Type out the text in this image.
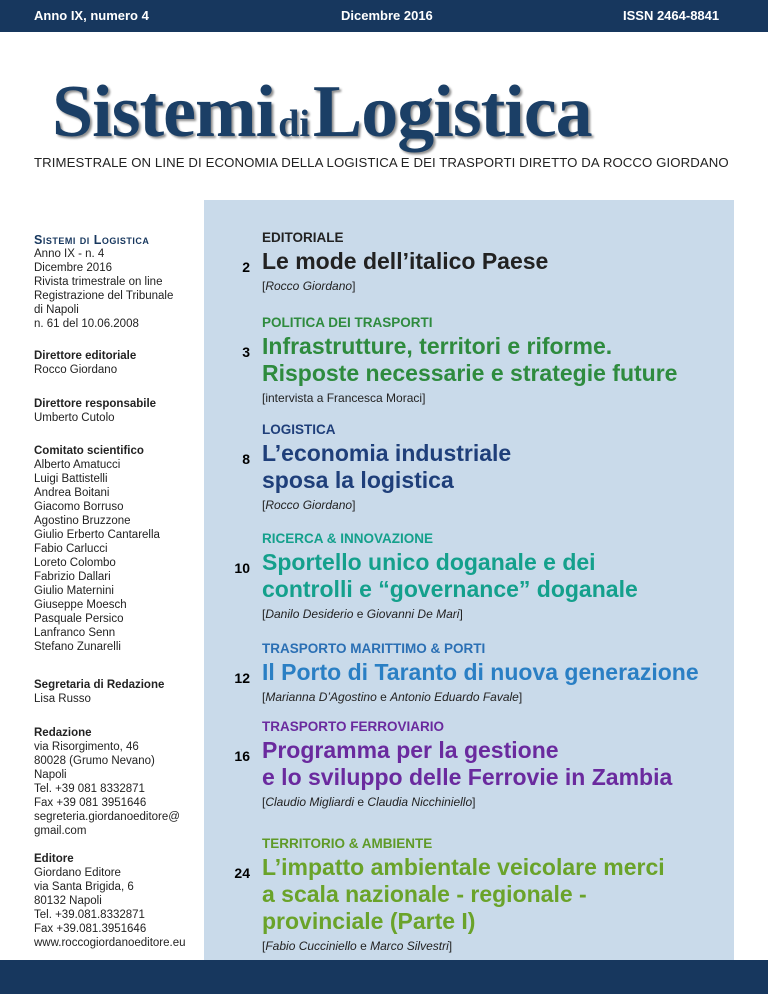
Anno IX, numero 4	Dicembre 2016	ISSN 2464-8841
Sistemi di Logistica
TRIMESTRALE ON LINE DI ECONOMIA DELLA LOGISTICA E DEI TRASPORTI DIRETTO DA ROCCO GIORDANO
Sistemi di Logistica
Anno IX - n. 4
Dicembre 2016
Rivista trimestrale on line
Registrazione del Tribunale
di Napoli
n. 61 del 10.06.2008
Direttore editoriale
Rocco Giordano
Direttore responsabile
Umberto Cutolo
Comitato scientifico
Alberto Amatucci
Luigi Battistelli
Andrea Boitani
Giacomo Borruso
Agostino Bruzzone
Giulio Erberto Cantarella
Fabio Carlucci
Loreto Colombo
Fabrizio Dallari
Giulio Maternini
Giuseppe Moesch
Pasquale Persico
Lanfranco Senn
Stefano Zunarelli
Segretaria di Redazione
Lisa Russo
Redazione
via Risorgimento, 46
80028 (Grumo Nevano)
Napoli
Tel. +39 081 8332871
Fax +39 081 3951646
segreteria.giordanoeditore@
gmail.com
Editore
Giordano Editore
via Santa Brigida, 6
80132 Napoli
Tel. +39.081.8332871
Fax +39.081.3951646
www.roccogiordanoeditore.eu
EDITORIALE
2 Le mode dell’italico Paese
[Rocco Giordano]
POLITICA DEI TRASPORTI
3 Infrastrutture, territori e riforme.
Risposte necessarie e strategie future
[intervista a Francesca Moraci]
LOGISTICA
8 L’economia industriale
sposa la logistica
[Rocco Giordano]
RICERCA & INNOVAZIONE
10 Sportello unico doganale e dei
controlli e “governance” doganale
[Danilo Desiderio e Giovanni De Mari]
TRASPORTO MARITTIMO & PORTI
12 Il Porto di Taranto di nuova generazione
[Marianna D’Agostino e Antonio Eduardo Favale]
TRASPORTO FERROVIARIO
16 Programma per la gestione
e lo sviluppo delle Ferrovie in Zambia
[Claudio Migliardi e Claudia Nicchiniello]
TERRITORIO & AMBIENTE
24 L’impatto ambientale veicolare merci
a scala nazionale - regionale -
provinciale (Parte I)
[Fabio Cucciniello e Marco Silvestri]
